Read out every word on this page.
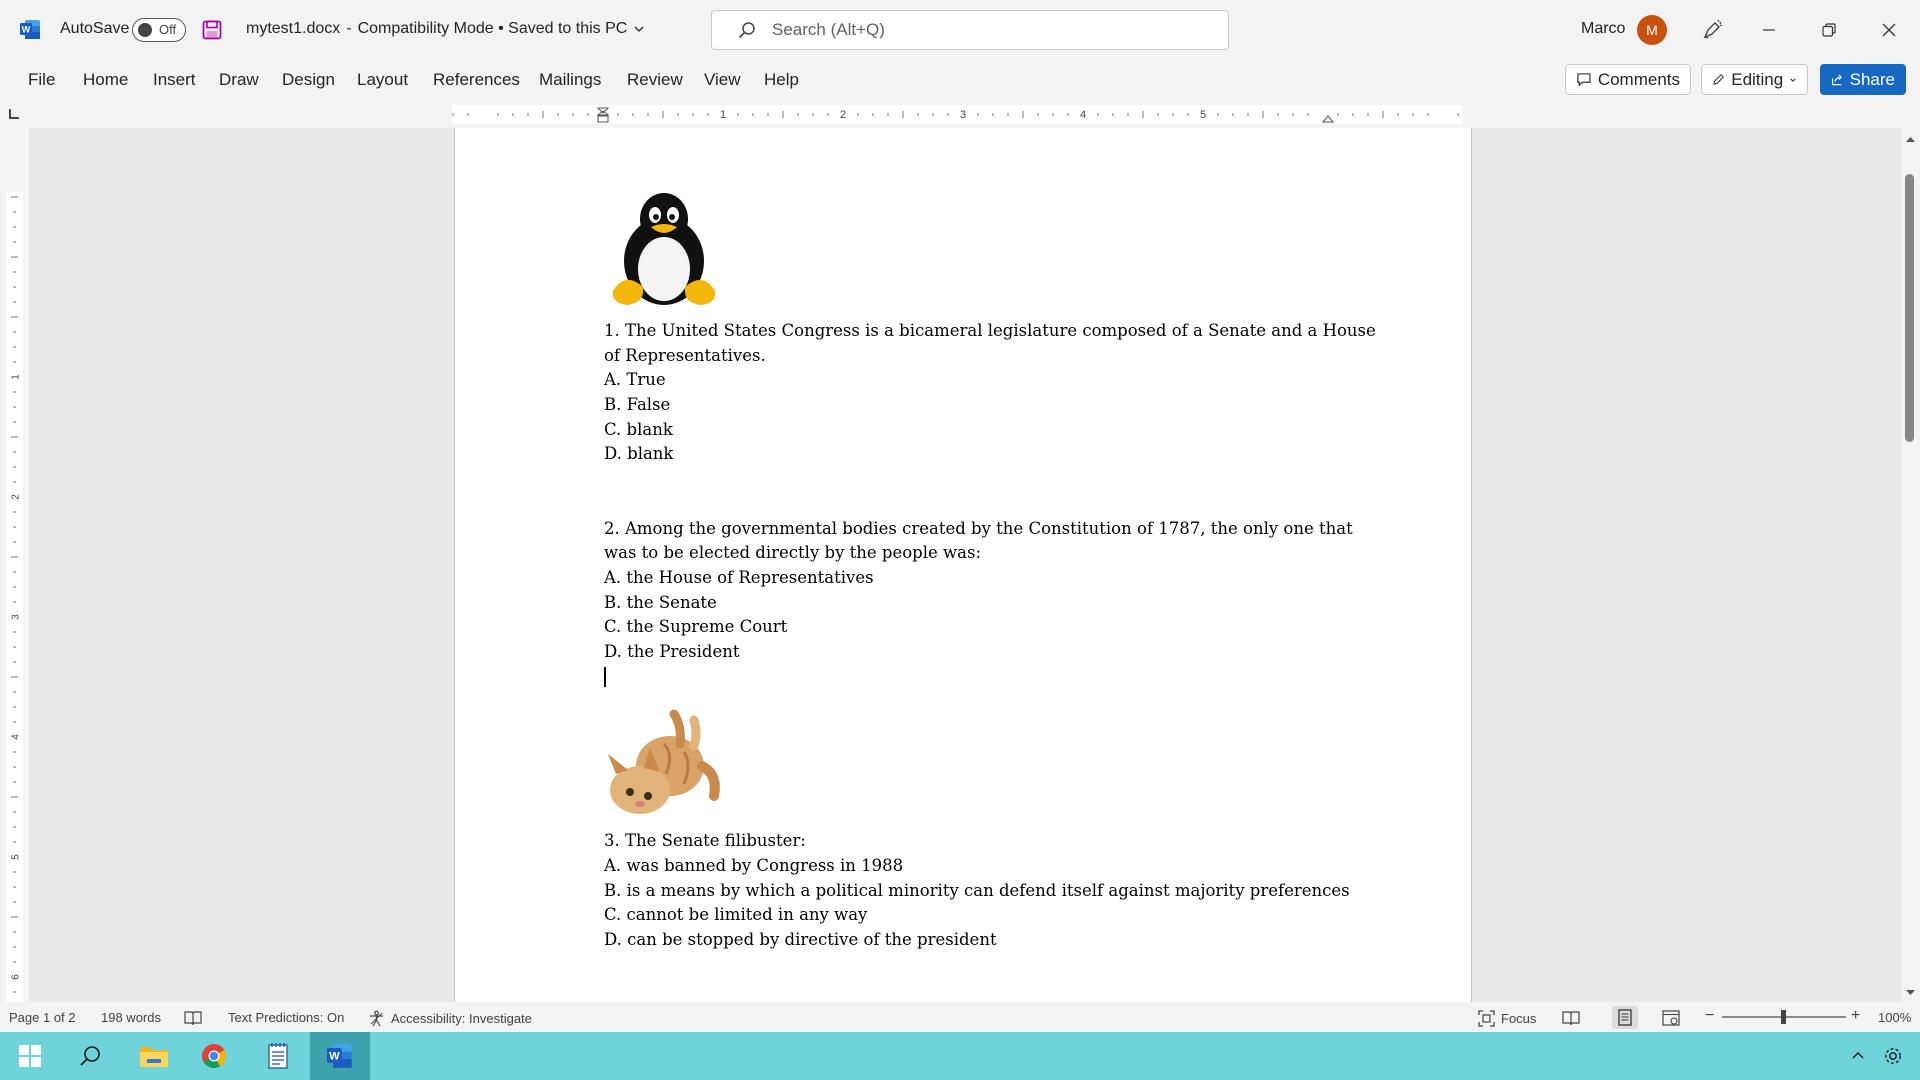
W AutoSave Off	mytest1.docx - Compatibility Mode • Saved to this PC	Search (Alt+Q)	Marco	M
File Home Insert Draw Design Layout References Mailings Review View Help	Comments	Editing	Share
1	2	3	4	5
1
2
3
4
5
6
1. The United States Congress is a bicameral legislature composed of a Senate and a House
of Representatives.
A. True
B. False
C. blank
D. blank
2. Among the governmental bodies created by the Constitution of 1787, the only one that
was to be elected directly by the people was:
A. the House of Representatives
B. the Senate
C. the Supreme Court
D. the President
3. The Senate filibuster:
A. was banned by Congress in 1988
B. is a means by which a political minority can defend itself against majority preferences
C. cannot be limited in any way
D. can be stopped by directive of the president
Page 1 of 2 198 words	Text Predictions: On	Accessibility: Investigate	Focus	−	+ 100%
W
